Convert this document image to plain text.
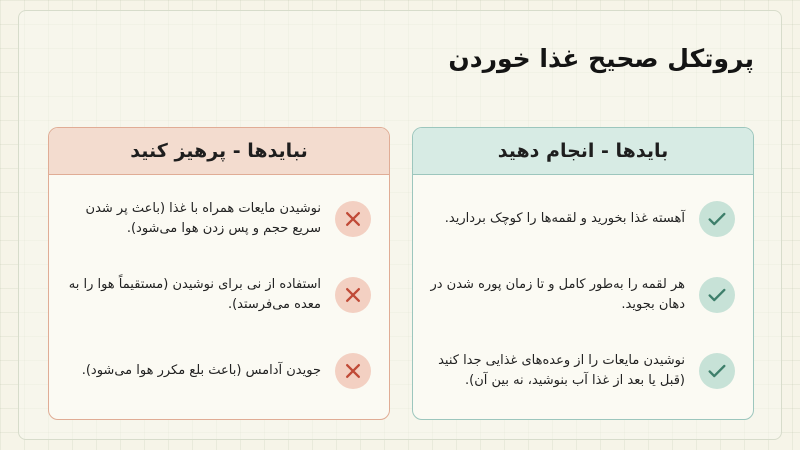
پروتکل صحیح غذا خوردن
بایدها - انجام دهید
آهسته غذا بخورید و لقمه‌ها را کوچک بردارید.
هر لقمه را به‌طور کامل و تا زمان پوره شدن در دهان بجوید.
نوشیدن مایعات را از وعده‌های غذایی جدا کنید (قبل یا بعد از غذا آب بنوشید، نه بین آن).
نبایدها - پرهیز کنید
نوشیدن مایعات همراه با غذا (باعث پر شدن سریع حجم و پس زدن هوا می‌شود).
استفاده از نی برای نوشیدن (مستقیماً هوا را به معده می‌فرستد).
جویدن آدامس (باعث بلع مکرر هوا می‌شود).
